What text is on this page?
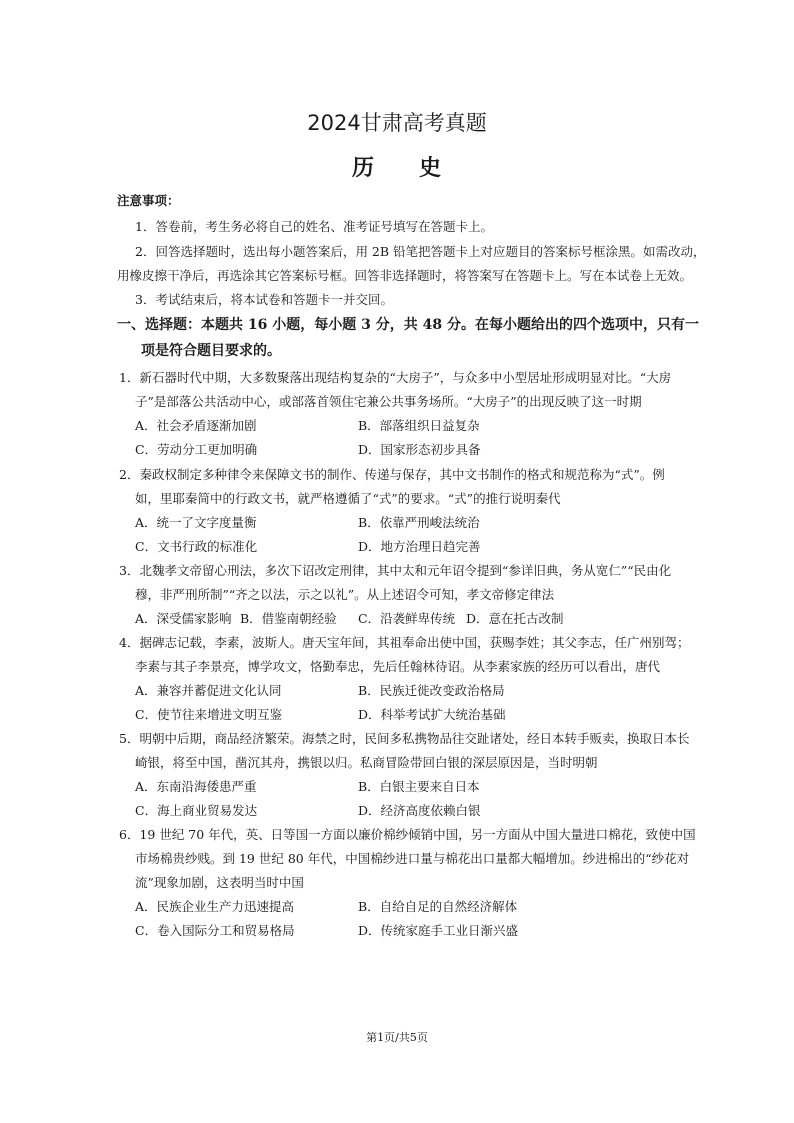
2024甘肃高考真题
历 史
注意事项：
1．答卷前，考生务必将自己的姓名、准考证号填写在答题卡上。
2．回答选择题时，选出每小题答案后，用 2B 铅笔把答题卡上对应题目的答案标号框涂黑。如需改动，
用橡皮擦干净后，再选涂其它答案标号框。回答非选择题时，将答案写在答题卡上。写在本试卷上无效。
3．考试结束后，将本试卷和答题卡一并交回。
一、选择题：本题共 16 小题，每小题 3 分，共 48 分。在每小题给出的四个选项中，只有一
项是符合题目要求的。
1．新石器时代中期，大多数聚落出现结构复杂的“大房子”，与众多中小型居址形成明显对比。“大房
子”是部落公共活动中心，或部落首领住宅兼公共事务场所。“大房子”的出现反映了这一时期
A．社会矛盾逐渐加剧	B．部落组织日益复杂
C．劳动分工更加明确	D．国家形态初步具备
2．秦政权制定多种律令来保障文书的制作、传递与保存，其中文书制作的格式和规范称为“式”。例
如，里耶秦简中的行政文书，就严格遵循了“式”的要求。“式”的推行说明秦代
A．统一了文字度量衡	B．依靠严刑峻法统治
C．文书行政的标准化	D．地方治理日趋完善
3．北魏孝文帝留心刑法，多次下诏改定刑律，其中太和元年诏令提到“参详旧典，务从宽仁”“民由化
穆，非严刑所制”“齐之以法，示之以礼”。从上述诏令可知，孝文帝修定律法
A．深受儒家影响 B．借鉴南朝经验 C．沿袭鲜卑传统 D．意在托古改制
4．据碑志记载，李素，波斯人。唐天宝年间，其祖奉命出使中国，获赐李姓；其父李志，任广州别驾；
李素与其子李景亮，博学攻文，恪勤奉忠，先后任翰林待诏。从李素家族的经历可以看出，唐代
A．兼容并蓄促进文化认同	B．民族迁徙改变政治格局
C．使节往来增进文明互鉴	D．科举考试扩大统治基础
5．明朝中后期，商品经济繁荣。海禁之时，民间多私携物品往交趾诸处，经日本转手贩卖，换取日本长
崎银，将至中国，凿沉其舟，携银以归。私商冒险带回白银的深层原因是，当时明朝
A．东南沿海倭患严重	B．白银主要来自日本
C．海上商业贸易发达	D．经济高度依赖白银
6．19 世纪 70 年代，英、日等国一方面以廉价棉纱倾销中国，另一方面从中国大量进口棉花，致使中国
市场棉贵纱贱。到 19 世纪 80 年代，中国棉纱进口量与棉花出口量都大幅增加。纱进棉出的“纱花对
流”现象加剧，这表明当时中国
A．民族企业生产力迅速提高	B．自给自足的自然经济解体
C．卷入国际分工和贸易格局	D．传统家庭手工业日渐兴盛
第1页/共5页
